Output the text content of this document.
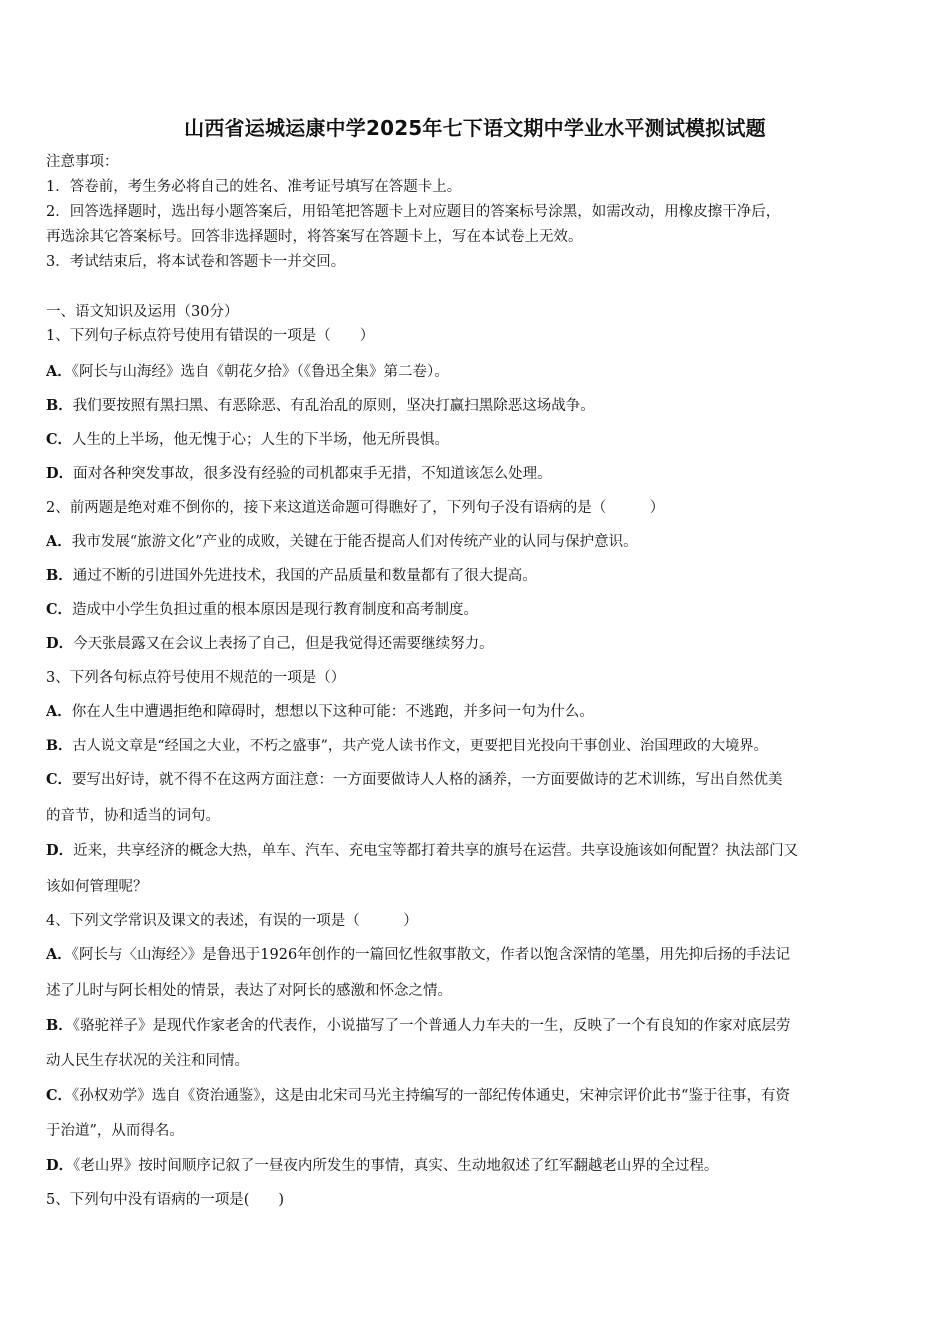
山西省运城运康中学2025年七下语文期中学业水平测试模拟试题
注意事项：
1．答卷前，考生务必将自己的姓名、准考证号填写在答题卡上。
2．回答选择题时，选出每小题答案后，用铅笔把答题卡上对应题目的答案标号涂黑，如需改动，用橡皮擦干净后，
再选涂其它答案标号。回答非选择题时，将答案写在答题卡上，写在本试卷上无效。
3．考试结束后，将本试卷和答题卡一并交回。
一、语文知识及运用（30分）
1、下列句子标点符号使用有错误的一项是（　　）
A．《阿长与山海经》选自《朝花夕拾》（《鲁迅全集》第二卷）。
B．我们要按照有黑扫黑、有恶除恶、有乱治乱的原则，坚决打赢扫黑除恶这场战争。
C．人生的上半场，他无愧于心；人生的下半场，他无所畏惧。
D．面对各种突发事故，很多没有经验的司机都束手无措，不知道该怎么处理。
2、前两题是绝对难不倒你的，接下来这道送命题可得瞧好了，下列句子没有语病的是（　　　）
A．我市发展“旅游文化”产业的成败，关键在于能否提高人们对传统产业的认同与保护意识。
B．通过不断的引进国外先进技术，我国的产品质量和数量都有了很大提高。
C．造成中小学生负担过重的根本原因是现行教育制度和高考制度。
D．今天张晨露又在会议上表扬了自己，但是我觉得还需要继续努力。
3、下列各句标点符号使用不规范的一项是（）
A．你在人生中遭遇拒绝和障碍时，想想以下这种可能：不逃跑，并多问一句为什么。
B．古人说文章是“经国之大业，不朽之盛事”，共产党人读书作文，更要把目光投向干事创业、治国理政的大境界。
C．要写出好诗，就不得不在这两方面注意：一方面要做诗人人格的涵养，一方面要做诗的艺术训练，写出自然优美
的音节，协和适当的词句。
D．近来，共享经济的概念大热，单车、汽车、充电宝等都打着共享的旗号在运营。共享设施该如何配置？执法部门又
该如何管理呢？
4、下列文学常识及课文的表述，有误的一项是（　　　）
A．《阿长与〈山海经〉》是鲁迅于1926年创作的一篇回忆性叙事散文，作者以饱含深情的笔墨，用先抑后扬的手法记
述了儿时与阿长相处的情景，表达了对阿长的感激和怀念之情。
B．《骆驼祥子》是现代作家老舍的代表作，小说描写了一个普通人力车夫的一生，反映了一个有良知的作家对底层劳
动人民生存状况的关注和同情。
C．《孙权劝学》选自《资治通鉴》，这是由北宋司马光主持编写的一部纪传体通史，宋神宗评价此书“鉴于往事，有资
于治道”，从而得名。
D．《老山界》按时间顺序记叙了一昼夜内所发生的事情，真实、生动地叙述了红军翻越老山界的全过程。
5、下列句中没有语病的一项是(　　)
